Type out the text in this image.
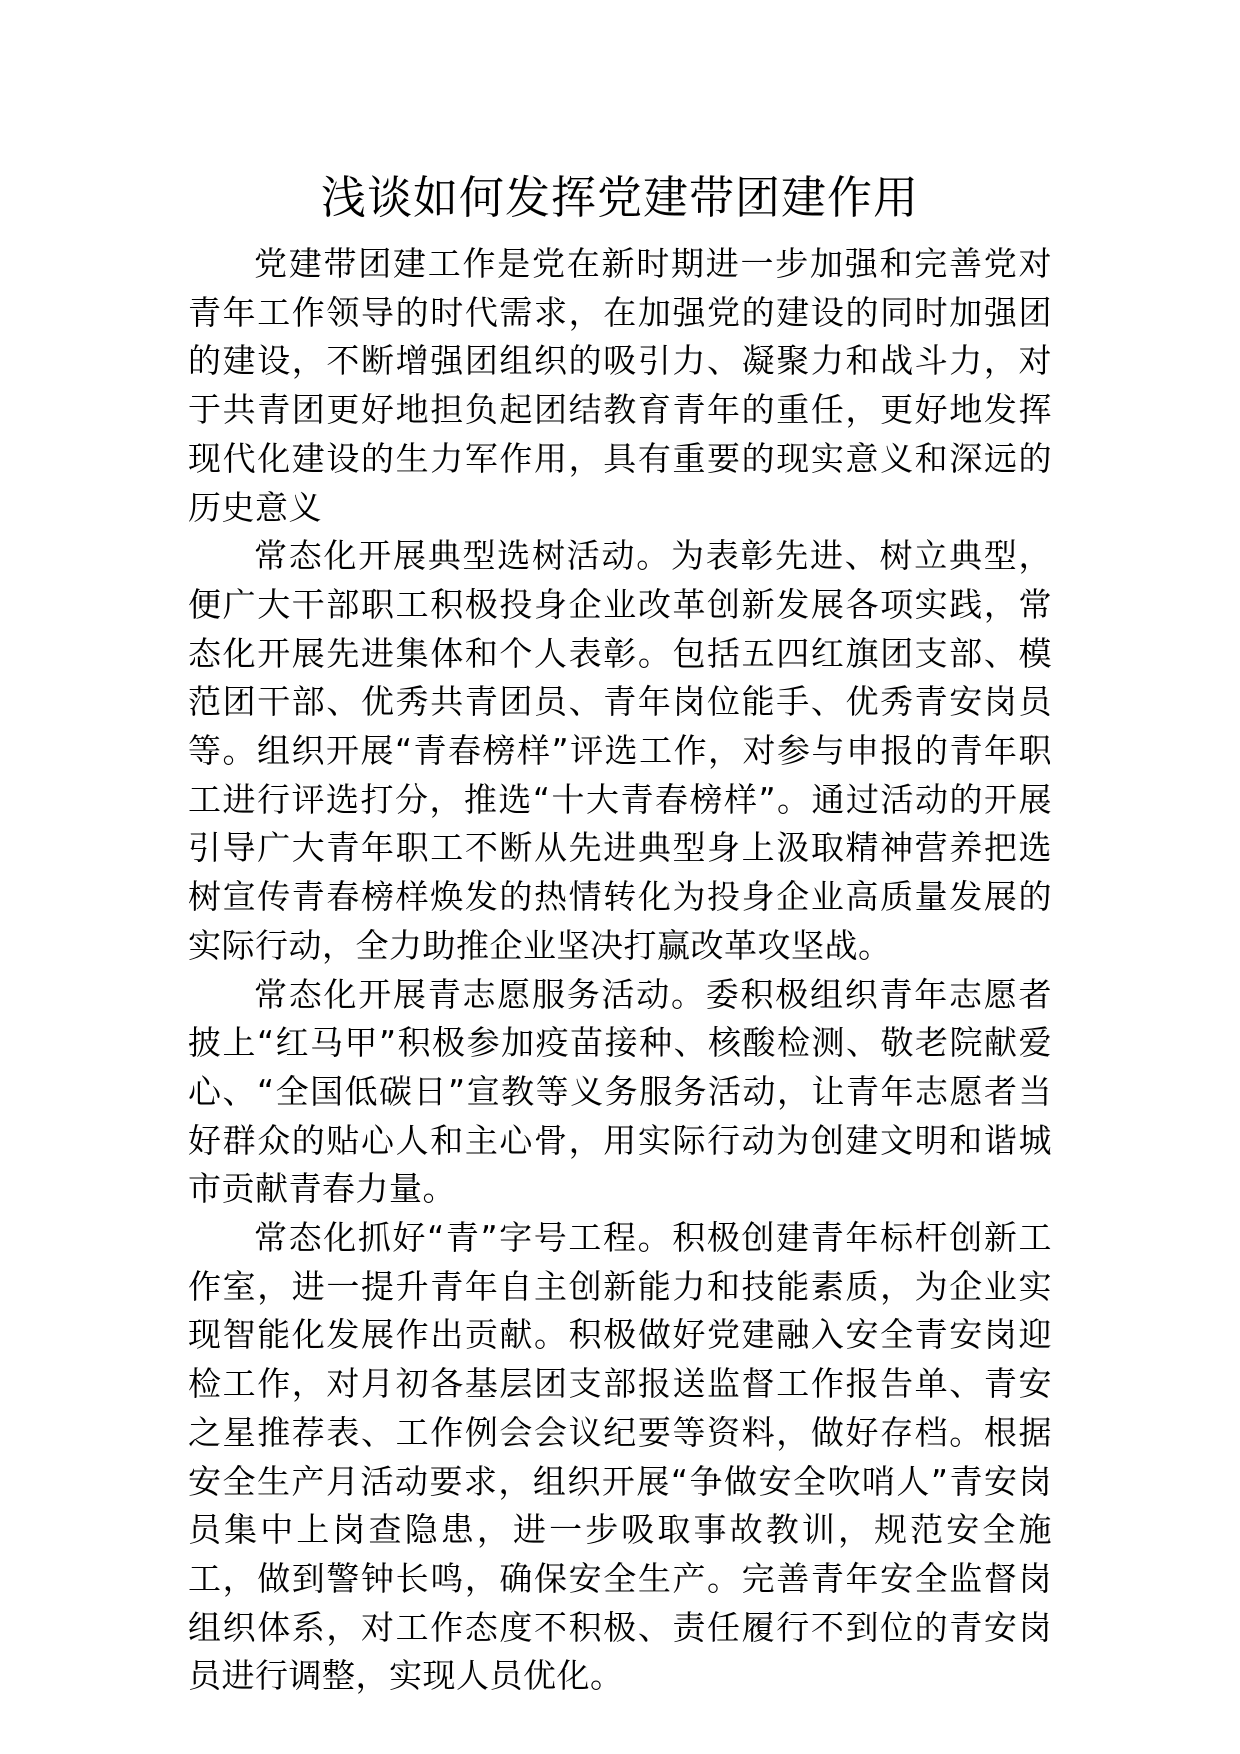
浅谈如何发挥党建带团建作用

党建带团建工作是党在新时期进一步加强和完善党对青年工作领导的时代需求，在加强党的建设的同时加强团的建设，不断增强团组织的吸引力、凝聚力和战斗力，对于共青团更好地担负起团结教育青年的重任，更好地发挥现代化建设的生力军作用，具有重要的现实意义和深远的历史意义

常态化开展典型选树活动。为表彰先进、树立典型，便广大干部职工积极投身企业改革创新发展各项实践，常态化开展先进集体和个人表彰。包括五四红旗团支部、模范团干部、优秀共青团员、青年岗位能手、优秀青安岗员等。组织开展“青春榜样”评选工作，对参与申报的青年职工进行评选打分，推选“十大青春榜样”。通过活动的开展引导广大青年职工不断从先进典型身上汲取精神营养把选树宣传青春榜样焕发的热情转化为投身企业高质量发展的实际行动，全力助推企业坚决打赢改革攻坚战。

常态化开展青志愿服务活动。委积极组织青年志愿者披上“红马甲”积极参加疫苗接种、核酸检测、敬老院献爱心、“全国低碳日”宣教等义务服务活动，让青年志愿者当好群众的贴心人和主心骨，用实际行动为创建文明和谐城市贡献青春力量。

常态化抓好“青”字号工程。积极创建青年标杆创新工作室，进一提升青年自主创新能力和技能素质，为企业实现智能化发展作出贡献。积极做好党建融入安全青安岗迎检工作，对月初各基层团支部报送监督工作报告单、青安之星推荐表、工作例会会议纪要等资料，做好存档。根据安全生产月活动要求，组织开展“争做安全吹哨人”青安岗员集中上岗查隐患，进一步吸取事故教训，规范安全施工，做到警钟长鸣，确保安全生产。完善青年安全监督岗组织体系，对工作态度不积极、责任履行不到位的青安岗员进行调整，实现人员优化。
